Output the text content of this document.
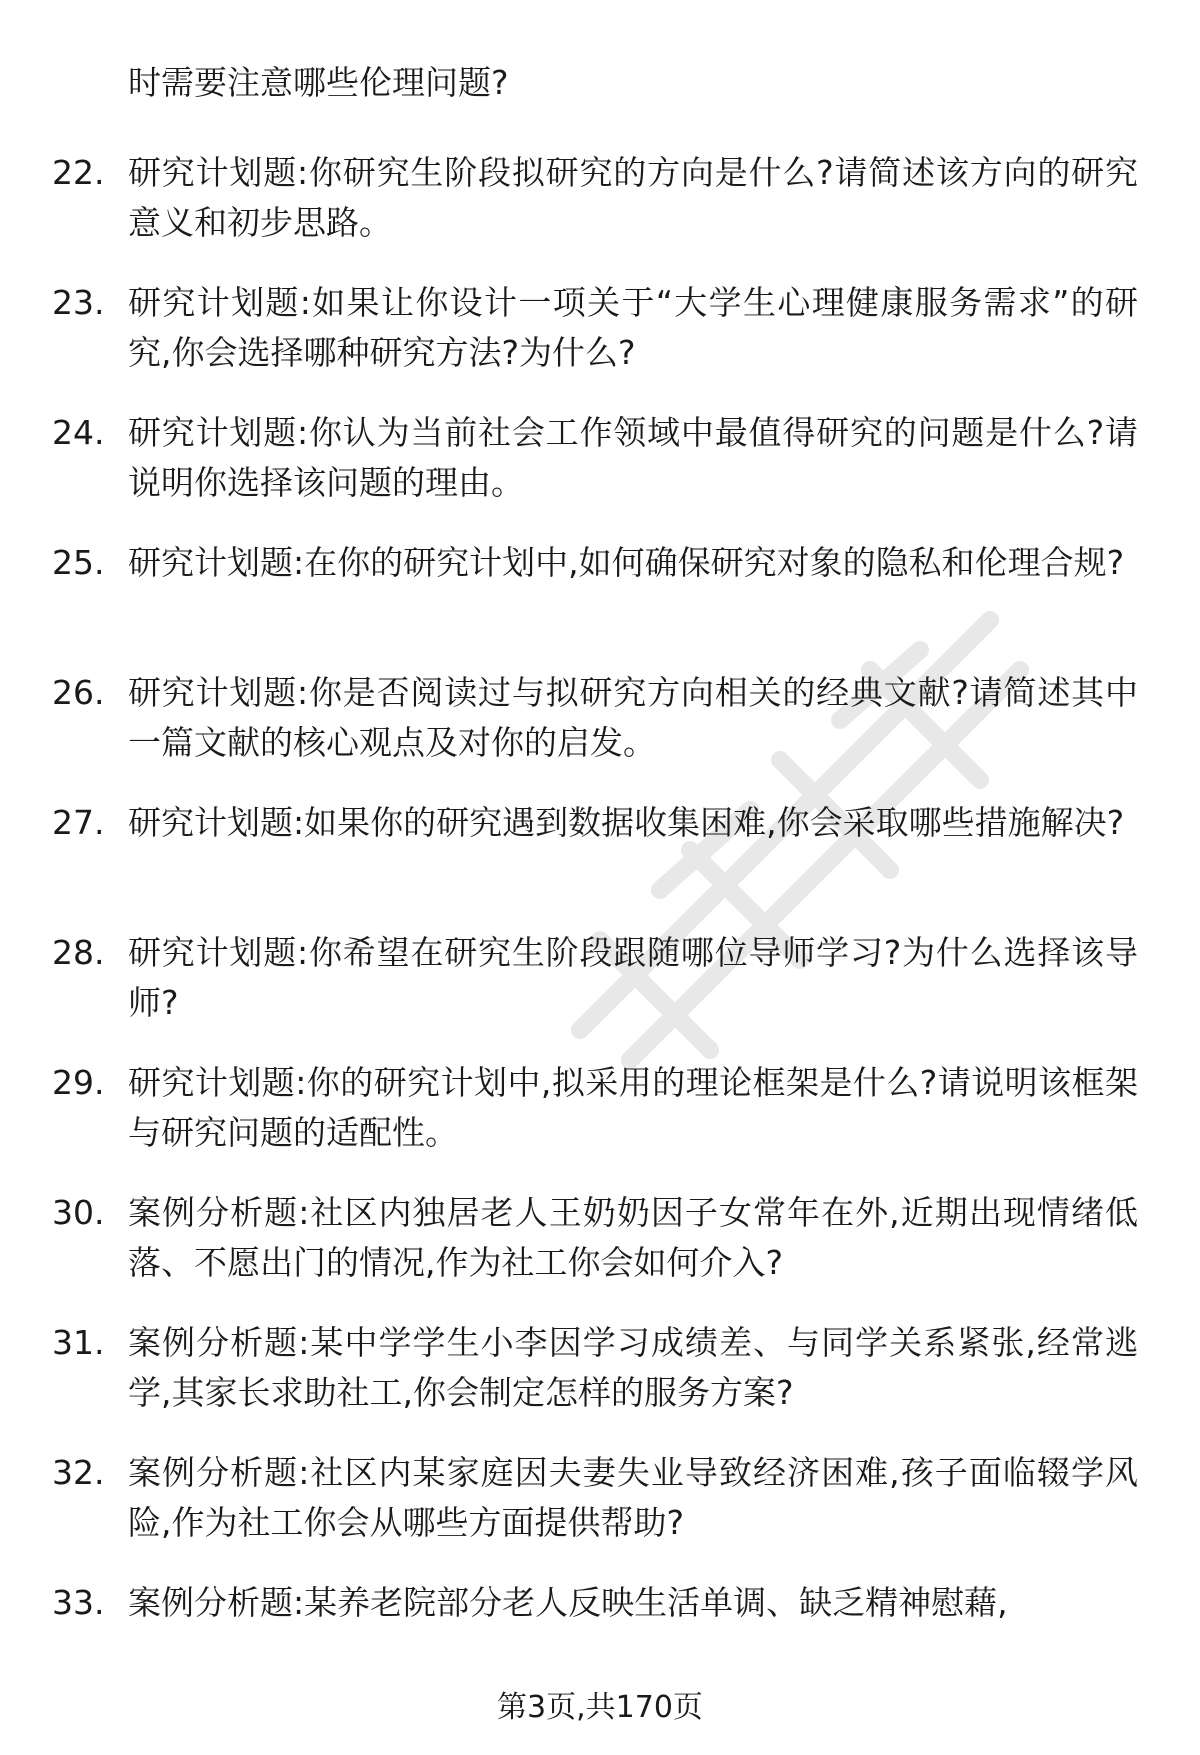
时需要注意哪些伦理问题?
22. 研究计划题:你研究生阶段拟研究的方向是什么?请简述该方向的研究意义和初步思路。
23. 研究计划题:如果让你设计一项关于“大学生心理健康服务需求”的研究,你会选择哪种研究方法?为什么?
24. 研究计划题:你认为当前社会工作领域中最值得研究的问题是什么?请说明你选择该问题的理由。
25. 研究计划题:在你的研究计划中,如何确保研究对象的隐私和伦理合规?
26. 研究计划题:你是否阅读过与拟研究方向相关的经典文献?请简述其中一篇文献的核心观点及对你的启发。
27. 研究计划题:如果你的研究遇到数据收集困难,你会采取哪些措施解决?
28. 研究计划题:你希望在研究生阶段跟随哪位导师学习?为什么选择该导师?
29. 研究计划题:你的研究计划中,拟采用的理论框架是什么?请说明该框架与研究问题的适配性。
30. 案例分析题:社区内独居老人王奶奶因子女常年在外,近期出现情绪低落、不愿出门的情况,作为社工你会如何介入?
31. 案例分析题:某中学学生小李因学习成绩差、与同学关系紧张,经常逃学,其家长求助社工,你会制定怎样的服务方案?
32. 案例分析题:社区内某家庭因夫妻失业导致经济困难,孩子面临辍学风险,作为社工你会从哪些方面提供帮助?
33. 案例分析题:某养老院部分老人反映生活单调、缺乏精神慰藉,
第3页,共170页
